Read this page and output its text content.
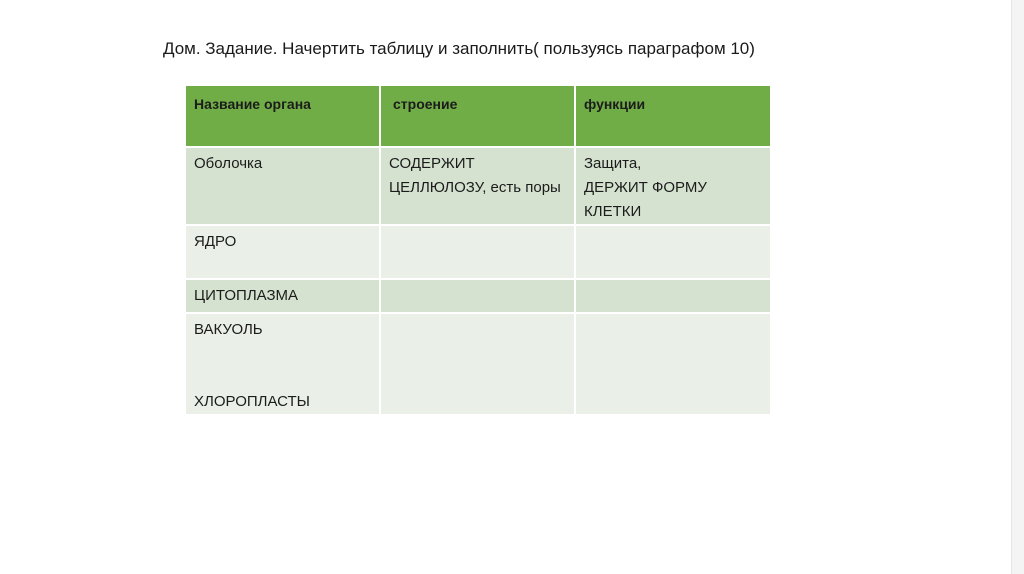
Дом. Задание. Начертить таблицу и заполнить( пользуясь параграфом 10)
Название органа	строение	функции
Оболочка	СОДЕРЖИТ ЦЕЛЛЮЛОЗУ, есть поры	Защита,
ДЕРЖИТ ФОРМУ КЛЕТКИ

ЯДРО		
ЦИТОПЛАЗМА		

ВАКУОЛЬ
ХЛОРОПЛАСТЫ		
